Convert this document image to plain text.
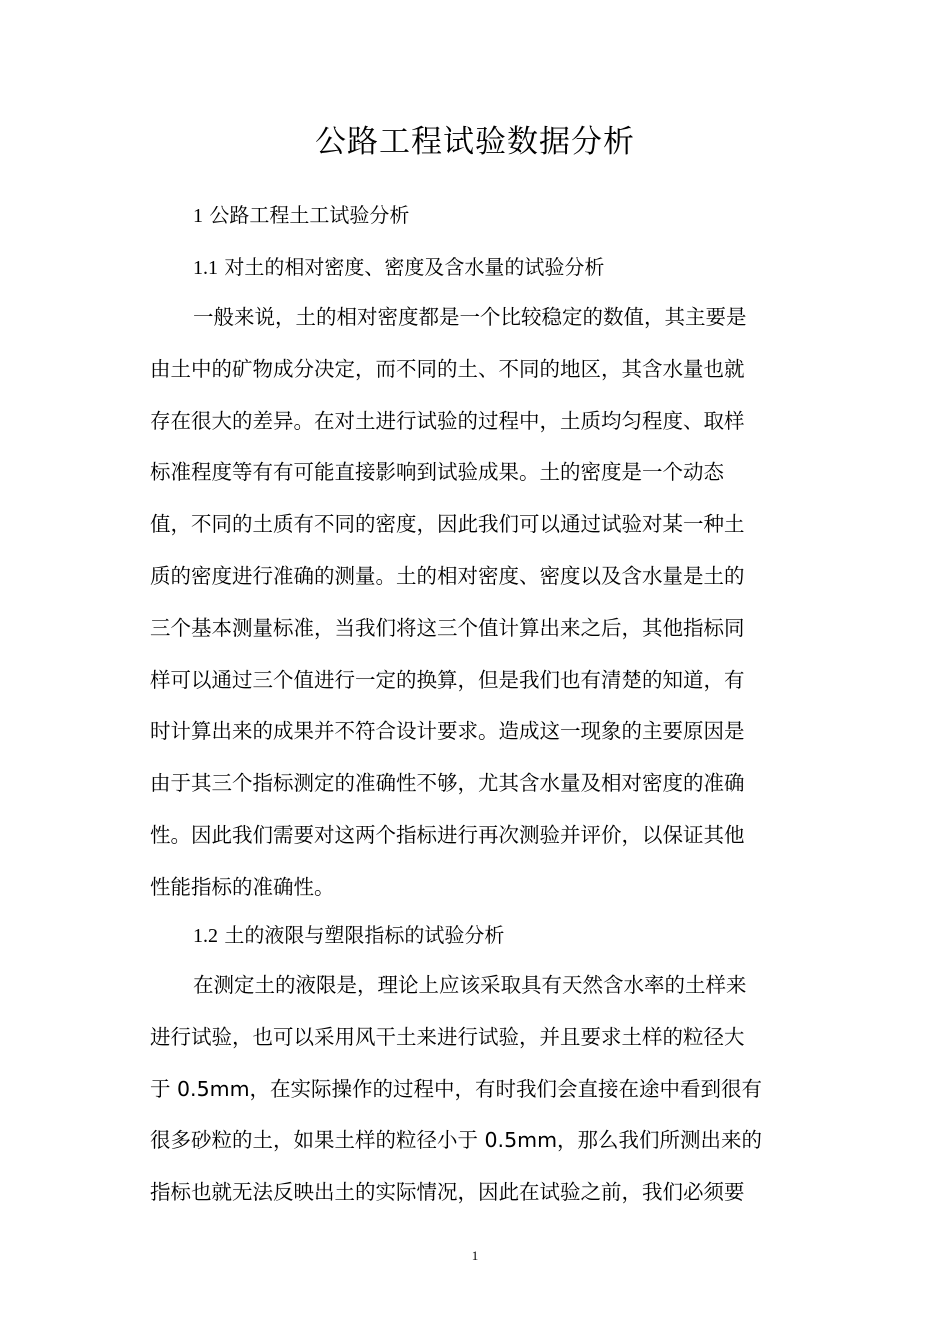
公路工程试验数据分析
1 公路工程土工试验分析
1.1 对土的相对密度、密度及含水量的试验分析
一般来说，土的相对密度都是一个比较稳定的数值，其主要是
由土中的矿物成分决定，而不同的土、不同的地区，其含水量也就
存在很大的差异。在对土进行试验的过程中，土质均匀程度、取样
标准程度等有有可能直接影响到试验成果。土的密度是一个动态
值，不同的土质有不同的密度，因此我们可以通过试验对某一种土
质的密度进行准确的测量。土的相对密度、密度以及含水量是土的
三个基本测量标准，当我们将这三个值计算出来之后，其他指标同
样可以通过三个值进行一定的换算，但是我们也有清楚的知道，有
时计算出来的成果并不符合设计要求。造成这一现象的主要原因是
由于其三个指标测定的准确性不够，尤其含水量及相对密度的准确
性。因此我们需要对这两个指标进行再次测验并评价，以保证其他
性能指标的准确性。
1.2 土的液限与塑限指标的试验分析
在测定土的液限是，理论上应该采取具有天然含水率的土样来
进行试验，也可以采用风干土来进行试验，并且要求土样的粒径大
于 0.5mm，在实际操作的过程中，有时我们会直接在途中看到很有
很多砂粒的土，如果土样的粒径小于 0.5mm，那么我们所测出来的
指标也就无法反映出土的实际情况，因此在试验之前，我们必须要
1
